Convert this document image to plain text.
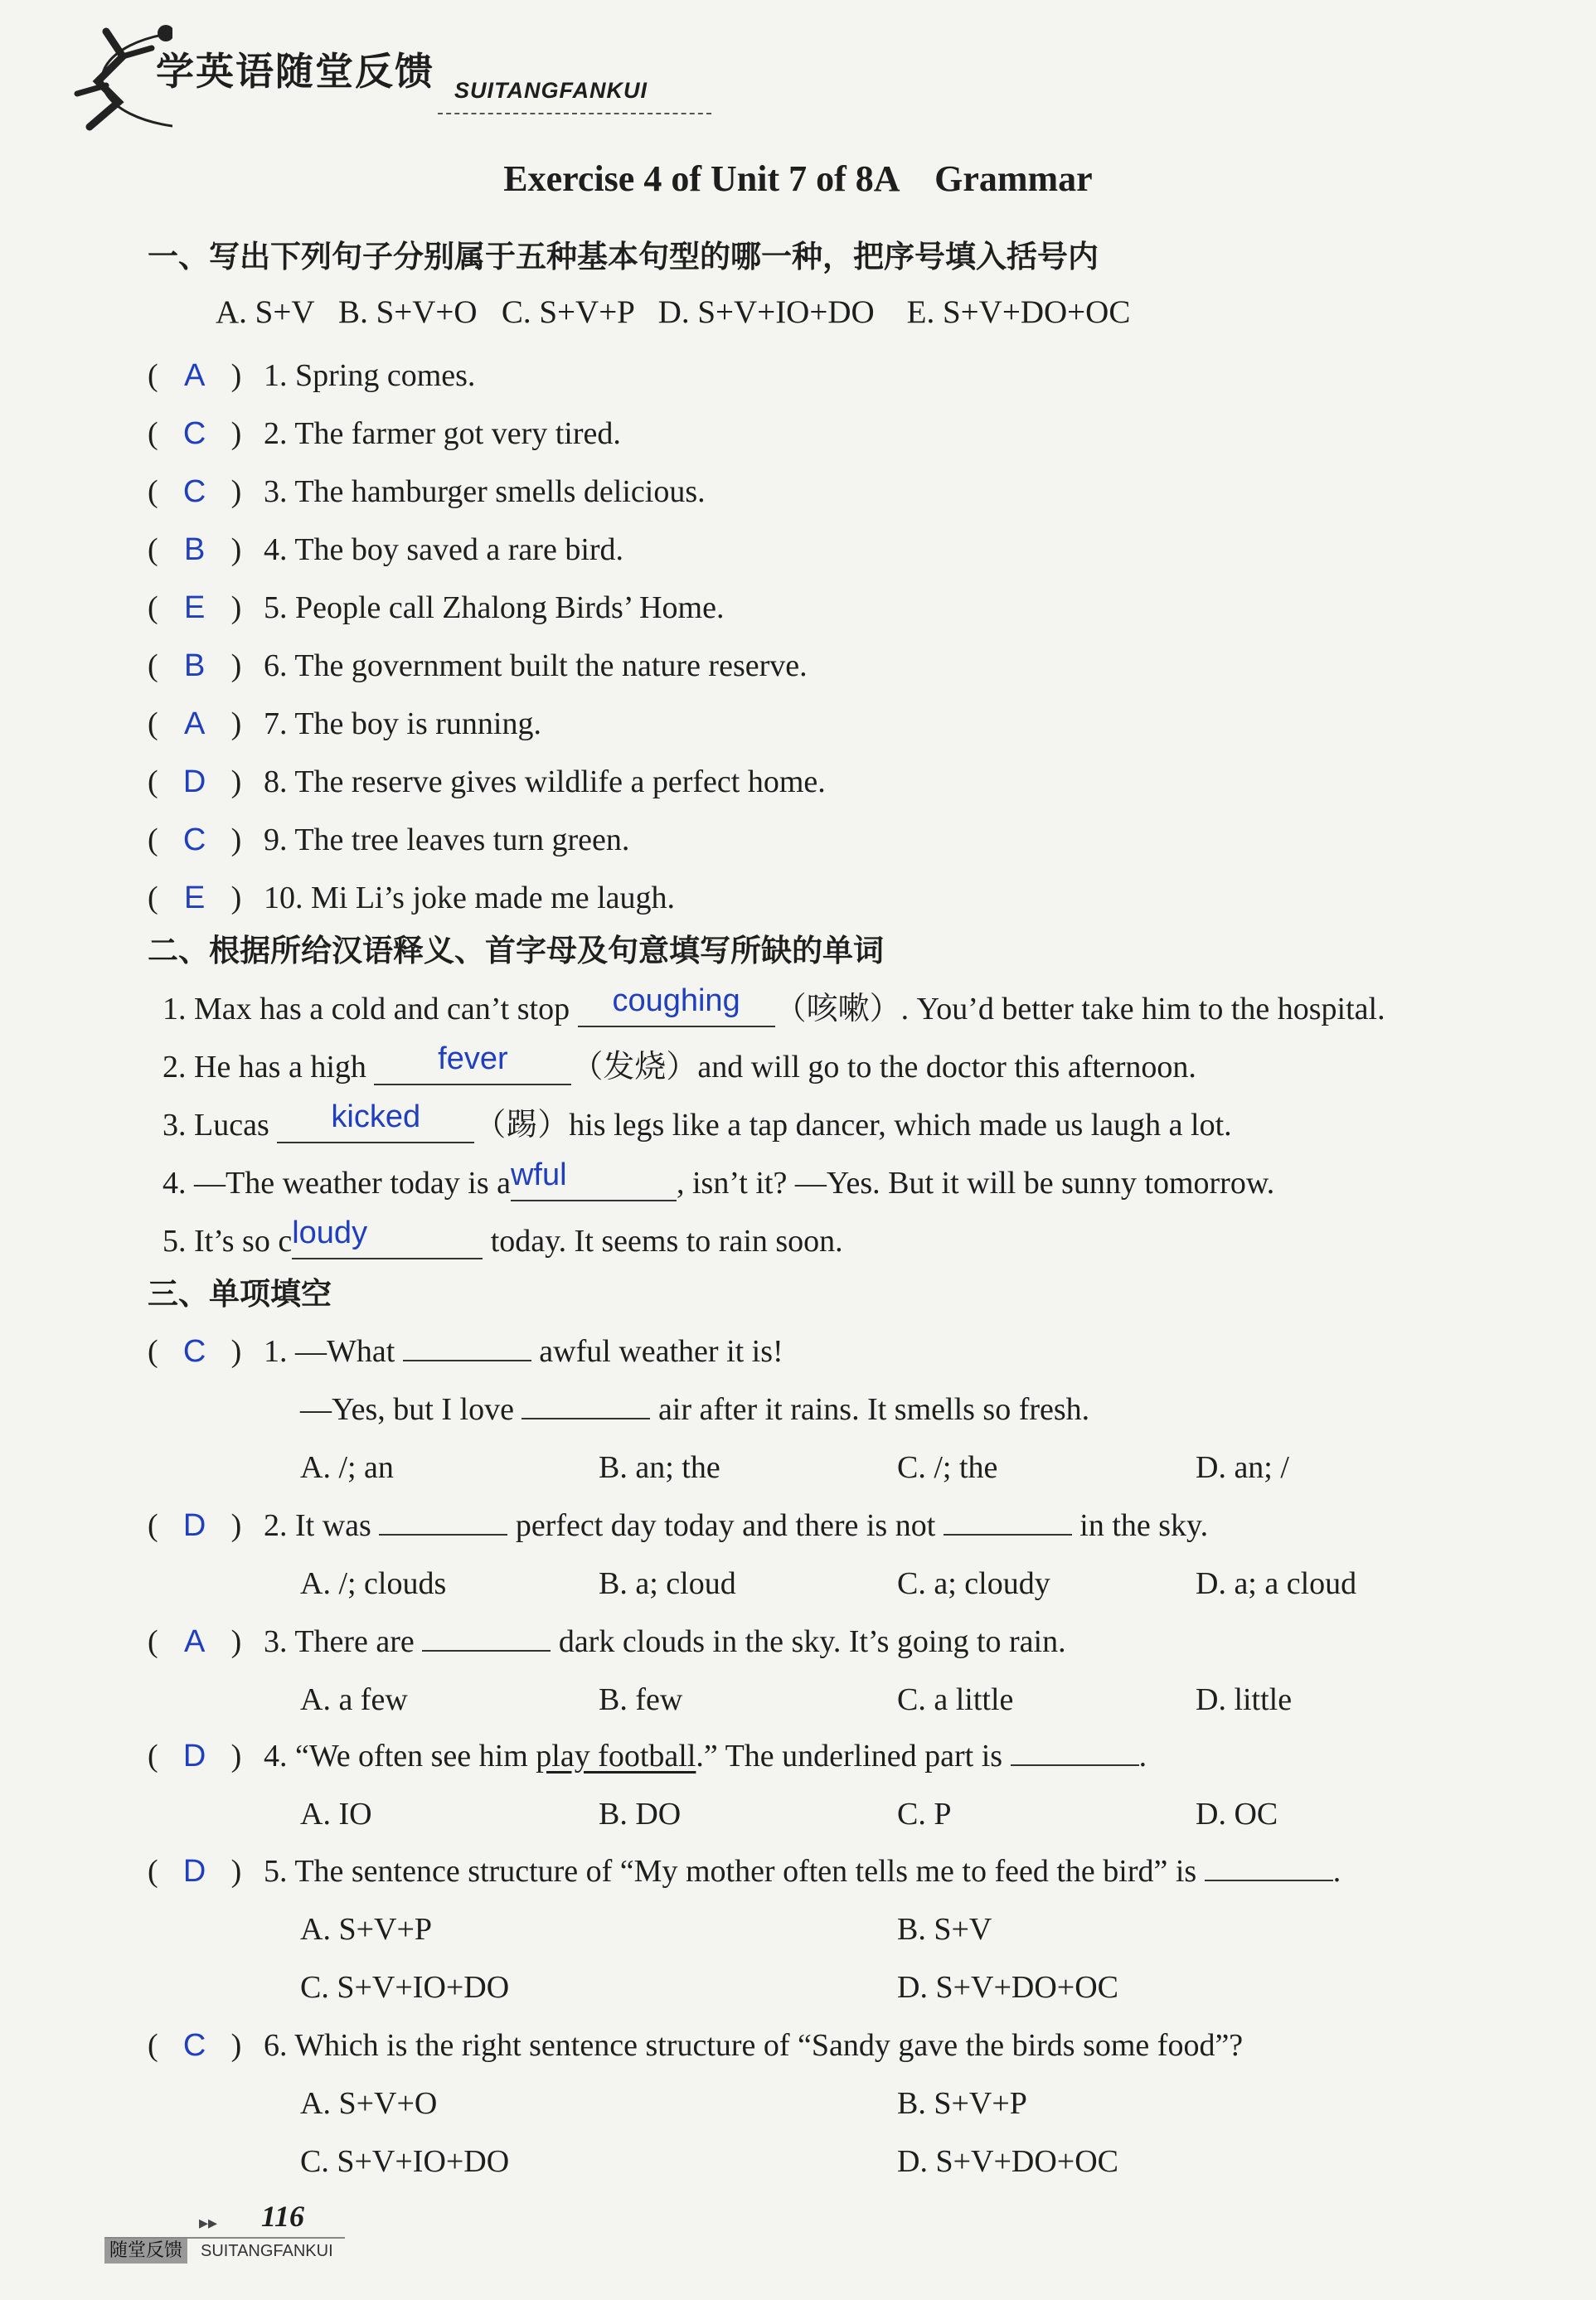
学英语随堂反馈 SUITANGFANKUI
Exercise 4 of Unit 7 of 8A    Grammar
一、写出下列句子分别属于五种基本句型的哪一种，把序号填入括号内
A. S+V   B. S+V+O   C. S+V+P   D. S+V+IO+DO    E. S+V+DO+OC
(  A  ) 1. Spring comes.
(  C  ) 2. The farmer got very tired.
(  C  ) 3. The hamburger smells delicious.
(  B  ) 4. The boy saved a rare bird.
(  E  ) 5. People call Zhalong Birds’ Home.
(  B  ) 6. The government built the nature reserve.
(  A  ) 7. The boy is running.
(  D  ) 8. The reserve gives wildlife a perfect home.
(  C  ) 9. The tree leaves turn green.
(  E  ) 10. Mi Li’s joke made me laugh.
二、根据所给汉语释义、首字母及句意填写所缺的单词
1. Max has a cold and can’t stop coughing （咳嗽）. You’d better take him to the hospital.
2. He has a high fever （发烧）and will go to the doctor this afternoon.
3. Lucas kicked （踢）his legs like a tap dancer, which made us laugh a lot.
4. —The weather today is awful	, isn’t it? —Yes. But it will be sunny tomorrow.
5. It’s so cloudy	today. It seems to rain soon.
三、单项填空
(  C  ) 1. —What	awful weather it is!
—Yes, but I love	air after it rains. It smells so fresh.
A. /; an	B. an; the	C. /; the	D. an; /
(  D  ) 2. It was	perfect day today and there is not	in the sky.
A. /; clouds	B. a; cloud	C. a; cloudy	D. a; a cloud
(  A  ) 3. There are	dark clouds in the sky. It’s going to rain.
A. a few	B. few	C. a little	D. little
(  D  ) 4. “We often see him play football.” The underlined part is	.
A. IO	B. DO	C. P	D. OC
(  D  ) 5. The sentence structure of “My mother often tells me to feed the bird” is	.
A. S+V+P	B. S+V
C. S+V+IO+DO	D. S+V+DO+OC
(  C  ) 6. Which is the right sentence structure of “Sandy gave the birds some food”?
A. S+V+O	B. S+V+P
C. S+V+IO+DO	D. S+V+DO+OC
▸▸ 116
随堂反馈	SUITANGFANKUI
